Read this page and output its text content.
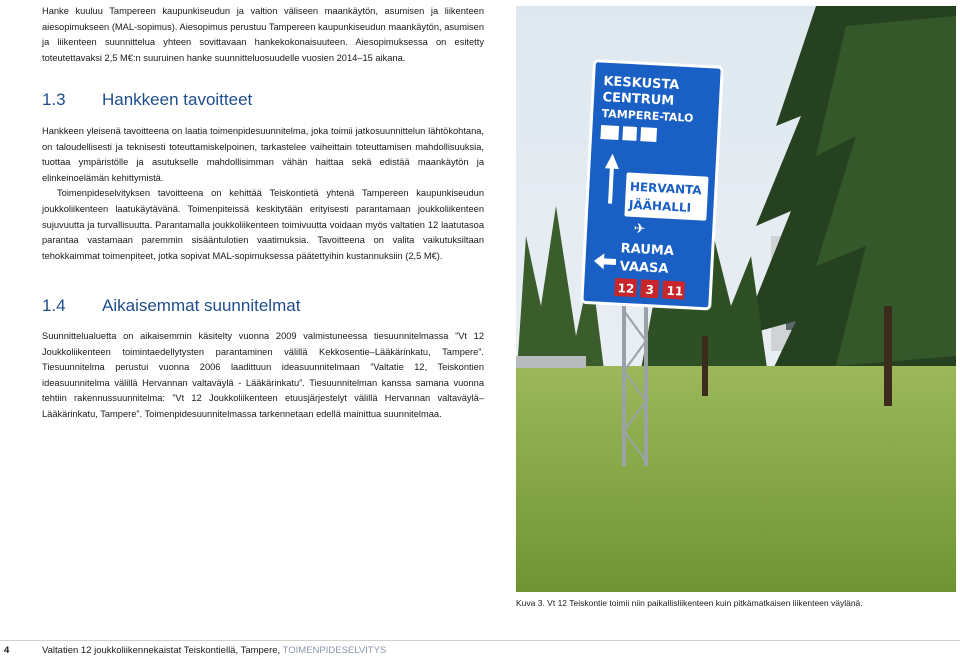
Hanke kuuluu Tampereen kaupunkiseudun ja valtion väliseen maankäytön, asumisen ja liikenteen aiesopimukseen (MAL-sopimus). Aiesopimus perustuu Tampereen kaupunkiseudun maankäytön, asumisen ja liikenteen suunnittelua yhteen sovittavaan hankekokonaisuuteen. Aiesopimuksessa on esitetty toteutettavaksi 2,5 M€:n suuruinen hanke suunnitteluosuudelle vuosien 2014–15 aikana.

1.3 Hankkeen tavoitteet

Hankkeen yleisenä tavoitteena on laatia toimenpidesuunnitelma, joka toimii jatkosuunnittelun lähtökohtana, on taloudellisesti ja teknisesti toteuttamiskelpoinen, tarkastelee vaiheittain toteuttamisen mahdollisuuksia, tuottaa ympäristölle ja asutukselle mahdollisimman vähän haittaa sekä edistää maankäytön ja elinkeinoelämän kehittymistä.

Toimenpideselvityksen tavoitteena on kehittää Teiskontietä yhtenä Tampereen kaupunkiseudun joukkoliikenteen laatukäytävänä. Toimenpiteissä keskitytään erityisesti parantamaan joukkoliikenteen sujuvuutta ja turvallisuutta. Parantamalla joukkoliikenteen toimivuutta voidaan myös valtatien 12 laatutasoa parantaa vastamaan paremmin sisääntulotien vaatimuksia. Tavoitteena on valita vaikutuksiltaan tehokkaimmat toimenpiteet, jotka sopivat MAL-sopimuksessa päätettyihin kustannuksiin (2,5 M€).

1.4 Aikaisemmat suunnitelmat

Suunnittelualuetta on aikaisemmin käsitelty vuonna 2009 valmistuneessa tiesuunnitelmassa ”Vt 12 Joukkoliikenteen toimintaedellytysten parantaminen välillä Kekkosentie–Lääkärinkatu, Tampere”. Tiesuunnitelma perustui vuonna 2006 laadittuun ideasuunnitelmaan ”Valtatie 12, Teiskontien ideasuunnitelma välillä Hervannan valtaväylä - Lääkärinkatu”. Tiesuunnitelman kanssa samana vuonna tehtiin rakennussuunnitelma: ”Vt 12 Joukkoliikenteen etuusjärjestelyt välillä Hervannan valtaväylä–Lääkärinkatu, Tampere”. Toimenpidesuunnitelmassa tarkennetaan edellä mainittua suunnitelmaa.

KESKUSTA
CENTRUM
TAMPERE-TALO
HERVANTA
JÄÄHALLI
✈
RAUMA
VAASA
12 3 11
Kuva 3. Vt 12 Teiskontie toimii niin paikallisliikenteen kuin pitkämatkaisen liikenteen väylänä.
4	Valtatien 12 joukkoliikennekaistat Teiskontiellä, Tampere, TOIMENPIDESELVITYS
